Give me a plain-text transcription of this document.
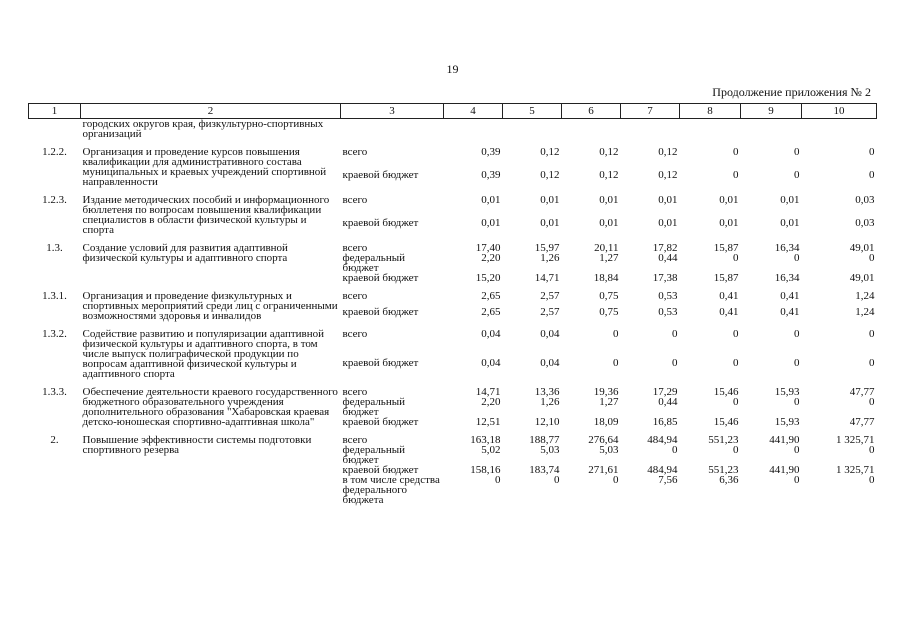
19
Продолжение приложения № 2
1	2	3	4	5	6	7	8	9	10
	городских округов края, физкультурно-спортивных организаций								
1.2.2.	Организация и проведение курсов повышения квалификации для административного состава муниципальных и краевых учреждений спортивной направленности	всего	0,39	0,12	0,12	0,12	0	0	0
		краевой бюджет	0,39	0,12	0,12	0,12	0	0	0
1.2.3.	Издание методических пособий и информационного бюллетеня по вопросам повышения квалификации специалистов в области физической культуры и спорта	всего	0,01	0,01	0,01	0,01	0,01	0,01	0,03
		краевой бюджет	0,01	0,01	0,01	0,01	0,01	0,01	0,03
1.3.	Создание условий для развития адаптивной физической культуры и адаптивного спорта	всего	17,40	15,97	20,11	17,82	15,87	16,34	49,01
		федеральный бюджет	2,20	1,26	1,27	0,44	0	0	0
		краевой бюджет	15,20	14,71	18,84	17,38	15,87	16,34	49,01
1.3.1.	Организация и проведение физкультурных и спортивных мероприятий среди лиц с ограниченными возможностями здоровья и инвалидов	всего	2,65	2,57	0,75	0,53	0,41	0,41	1,24
		краевой бюджет	2,65	2,57	0,75	0,53	0,41	0,41	1,24
1.3.2.	Содействие развитию и популяризации адаптивной физической культуры и адаптивного спорта, в том числе выпуск полиграфической продукции по вопросам адаптивной физической культуры и адаптивного спорта	всего	0,04	0,04	0	0	0	0	0
		краевой бюджет	0,04	0,04	0	0	0	0	0
1.3.3.	Обеспечение деятельности краевого государственного бюджетного образовательного учреждения дополнительного образования "Хабаровская краевая детско-юношеская спортивно-адаптивная школа"	всего	14,71	13,36	19,36	17,29	15,46	15,93	47,77
		федеральный бюджет	2,20	1,26	1,27	0,44	0	0	0
		краевой бюджет	12,51	12,10	18,09	16,85	15,46	15,93	47,77
2.	Повышение эффективности системы подготовки спортивного резерва	всего	163,18	188,77	276,64	484,94	551,23	441,90	1 325,71
		федеральный бюджет	5,02	5,03	5,03	0	0	0	0
		краевой бюджет	158,16	183,74	271,61	484,94	551,23	441,90	1 325,71
		в том числе средства федерального бюджета	0	0	0	7,56	6,36	0	0
